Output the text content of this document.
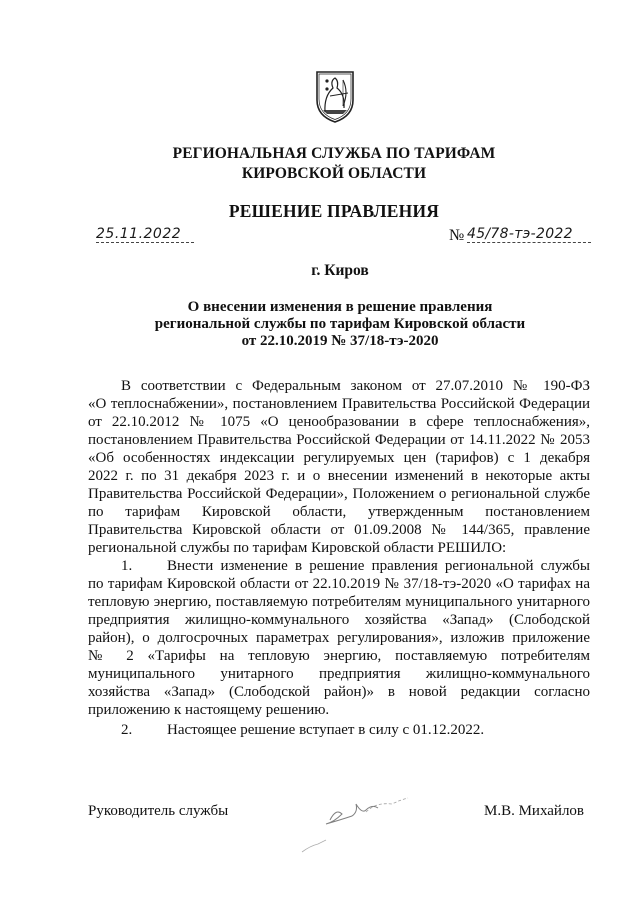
РЕГИОНАЛЬНАЯ СЛУЖБА ПО ТАРИФАМ
КИРОВСКОЙ ОБЛАСТИ
РЕШЕНИЕ ПРАВЛЕНИЯ
25.11.2022	№ 45/78-тэ-2022
г. Киров
О внесении изменения в решение правления
региональной службы по тарифам Кировской области
от 22.10.2019 № 37/18-тэ-2020
В соответствии с Федеральным законом от 27.07.2010 № 190-ФЗ
«О теплоснабжении», постановлением Правительства Российской Федерации
от 22.10.2012 № 1075 «О ценообразовании в сфере теплоснабжения»,
постановлением Правительства Российской Федерации от 14.11.2022 № 2053
«Об особенностях индексации регулируемых цен (тарифов) с 1 декабря
2022 г. по 31 декабря 2023 г. и о внесении изменений в некоторые акты
Правительства Российской Федерации», Положением о региональной службе
по тарифам Кировской области, утвержденным постановлением
Правительства Кировской области от 01.09.2008 № 144/365, правление
региональной службы по тарифам Кировской области РЕШИЛО:
1. Внести изменение в решение правления региональной службы
по тарифам Кировской области от 22.10.2019 № 37/18-тэ-2020 «О тарифах на
тепловую энергию, поставляемую потребителям муниципального унитарного
предприятия жилищно-коммунального хозяйства «Запад» (Слободской
район), о долгосрочных параметрах регулирования», изложив приложение
№ 2 «Тарифы на тепловую энергию, поставляемую потребителям
муниципального унитарного предприятия жилищно-коммунального
хозяйства «Запад» (Слободской район)» в новой редакции согласно
приложению к настоящему решению.
2. Настоящее решение вступает в силу с 01.12.2022.
Руководитель службы	М.В. Михайлов
